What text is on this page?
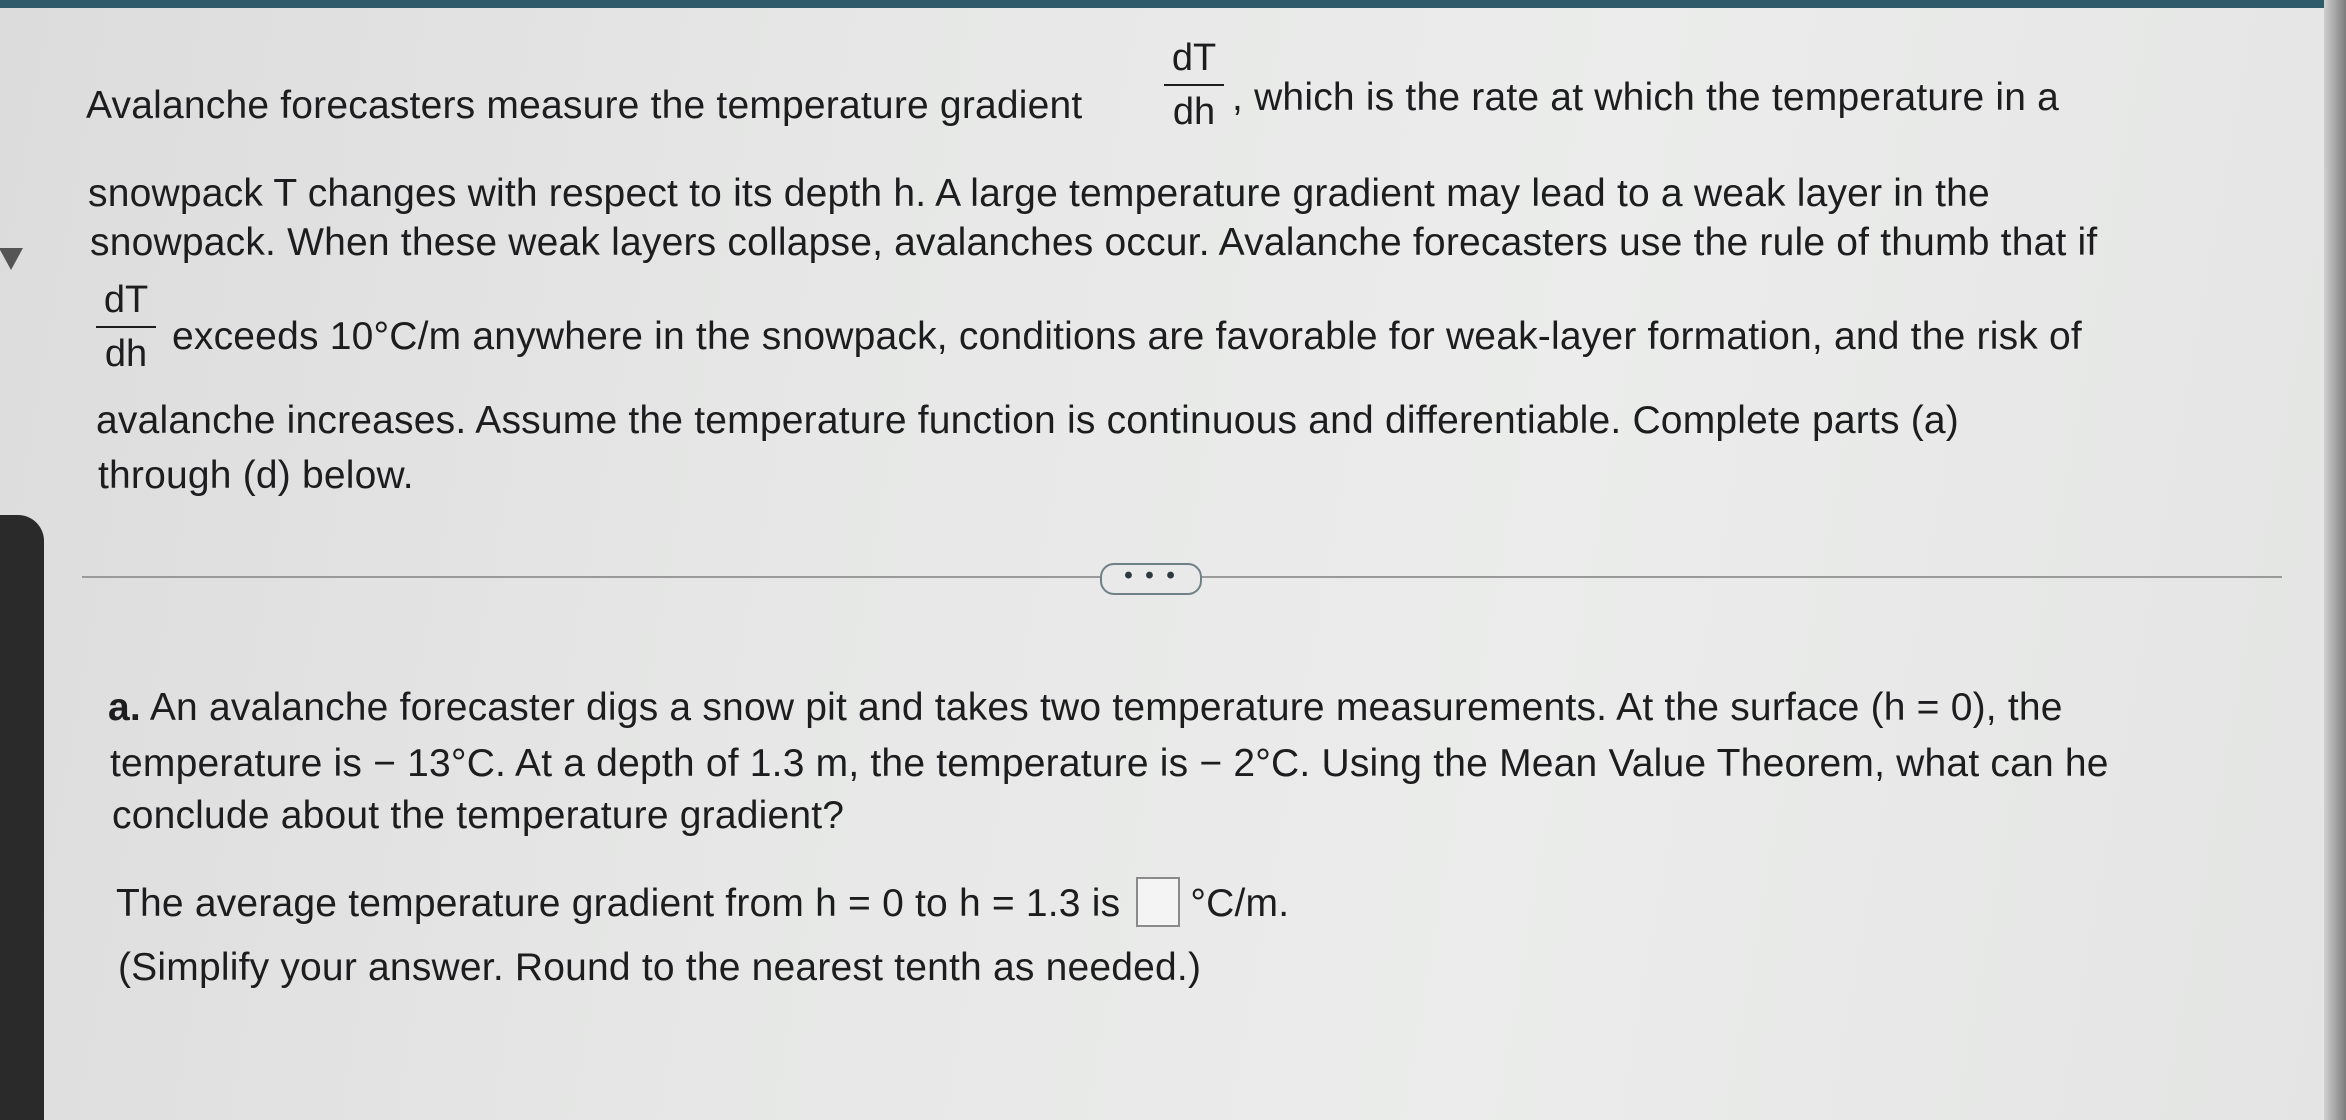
Avalanche forecasters measure the temperature gradient
dT
dh , which is the rate at which the temperature in a
snowpack T changes with respect to its depth h. A large temperature gradient may lead to a weak layer in the
snowpack. When these weak layers collapse, avalanches occur. Avalanche forecasters use the rule of thumb that if
dT
dh exceeds 10°C/m anywhere in the snowpack, conditions are favorable for weak-layer formation, and the risk of
avalanche increases. Assume the temperature function is continuous and differentiable. Complete parts (a)
through (d) below.
• • •
a. An avalanche forecaster digs a snow pit and takes two temperature measurements. At the surface (h = 0), the
temperature is − 13°C. At a depth of 1.3 m, the temperature is − 2°C. Using the Mean Value Theorem, what can he
conclude about the temperature gradient?
The average temperature gradient from h = 0 to h = 1.3 is °C/m.
(Simplify your answer. Round to the nearest tenth as needed.)
